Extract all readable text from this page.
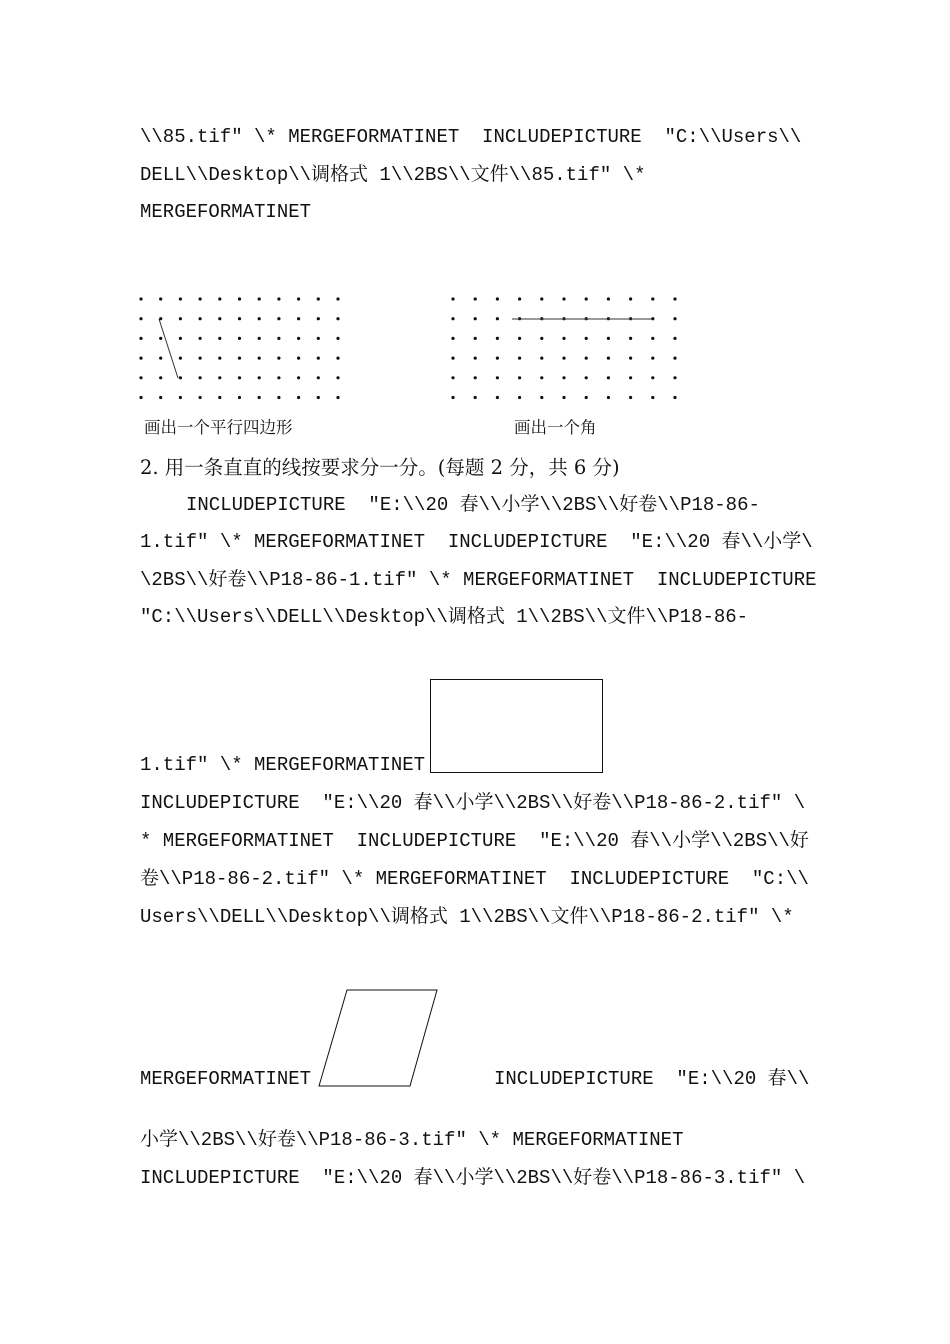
\\85.tifʺ \* MERGEFORMATINET  INCLUDEPICTURE  "C:\\Users\\
DELL\\Desktop\\调格式 1\\2BS\\文件\\85.tifʺ \*
MERGEFORMATINET
画出一个平行四边形	画出一个角
2. 用一条直直的线按要求分一分。(每题 2 分，共 6 分)
INCLUDEPICTURE  "E:\\20 春\\小学\\2BS\\好卷\\P18-86-
1.tifʺ \* MERGEFORMATINET  INCLUDEPICTURE  "E:\\20 春\\小学\
\2BS\\好卷\\P18-86-1.tifʺ \* MERGEFORMATINET  INCLUDEPICTURE
"C:\\Users\\DELL\\Desktop\\调格式 1\\2BS\\文件\\P18-86-
1.tifʺ \* MERGEFORMATINET
INCLUDEPICTURE  "E:\\20 春\\小学\\2BS\\好卷\\P18-86-2.tifʺ \
* MERGEFORMATINET  INCLUDEPICTURE  "E:\\20 春\\小学\\2BS\\好
卷\\P18-86-2.tifʺ \* MERGEFORMATINET  INCLUDEPICTURE  "C:\\
Users\\DELL\\Desktop\\调格式 1\\2BS\\文件\\P18-86-2.tifʺ \*
MERGEFORMATINET	INCLUDEPICTURE  "E:\\20 春\\
小学\\2BS\\好卷\\P18-86-3.tifʺ \* MERGEFORMATINET
INCLUDEPICTURE  "E:\\20 春\\小学\\2BS\\好卷\\P18-86-3.tifʺ \
